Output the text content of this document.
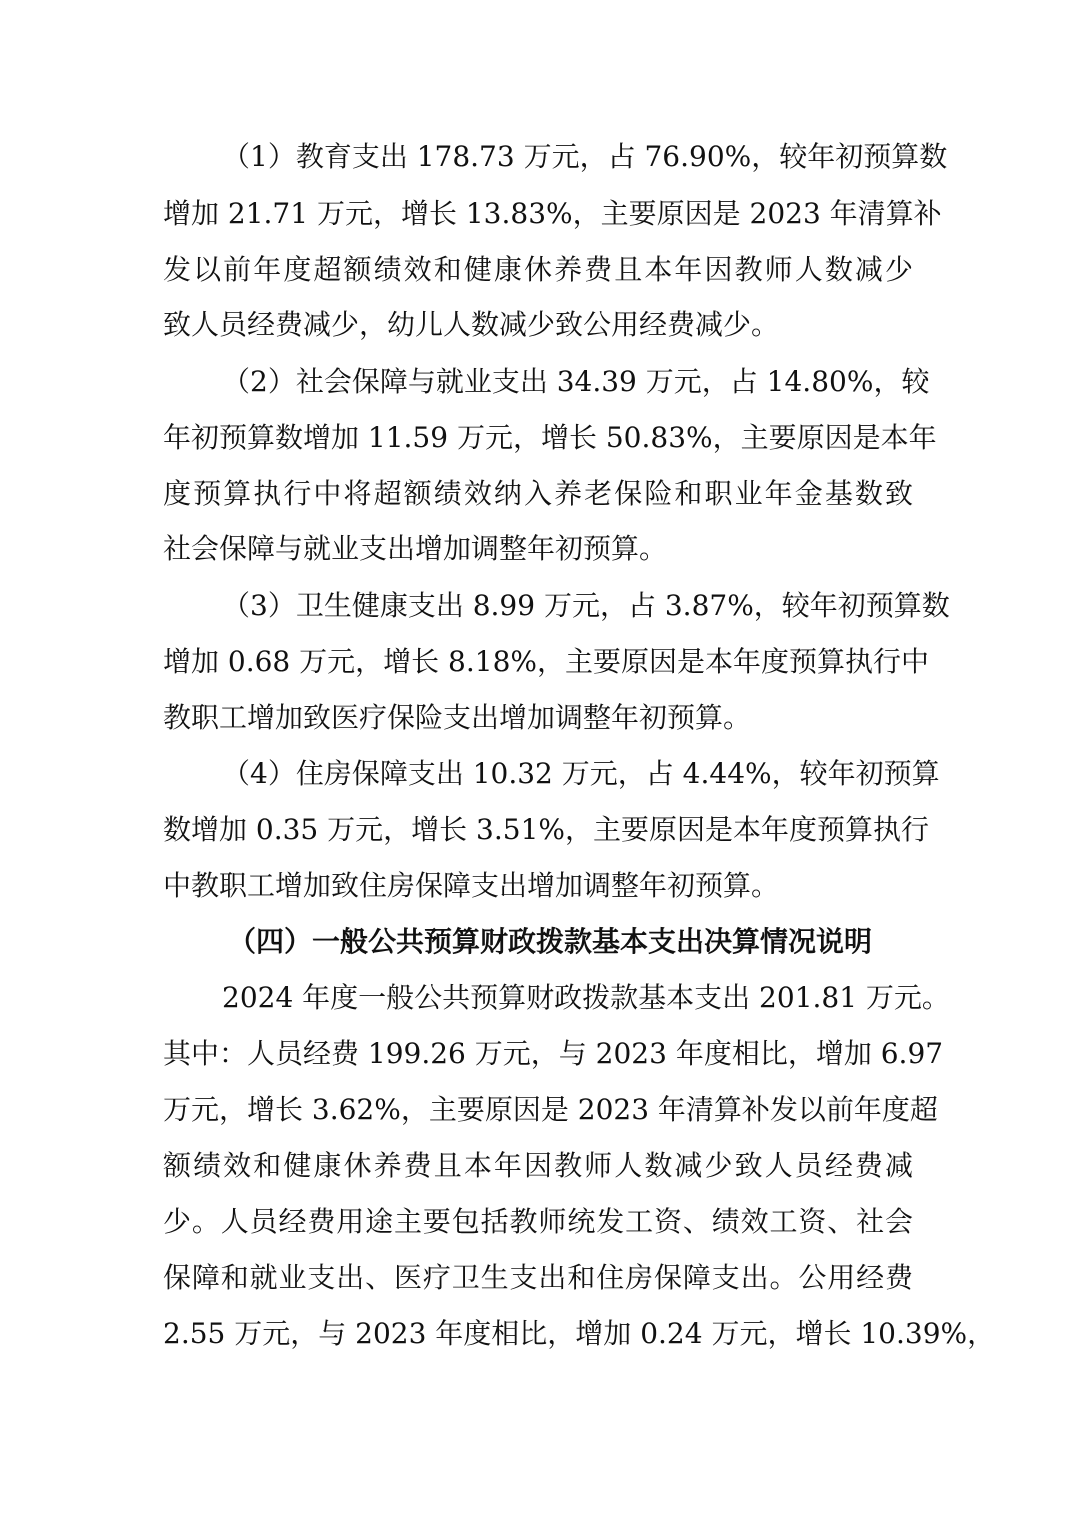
（1）教育支出 178.73 万元，占 76.90%，较年初预算数
增加 21.71 万元，增长 13.83%，主要原因是 2023 年清算补
发以前年度超额绩效和健康休养费且本年因教师人数减少
致人员经费减少，幼儿人数减少致公用经费减少。
（2）社会保障与就业支出 34.39 万元，占 14.80%，较
年初预算数增加 11.59 万元，增长 50.83%，主要原因是本年
度预算执行中将超额绩效纳入养老保险和职业年金基数致
社会保障与就业支出增加调整年初预算。
（3）卫生健康支出 8.99 万元，占 3.87%，较年初预算数
增加 0.68 万元，增长 8.18%，主要原因是本年度预算执行中
教职工增加致医疗保险支出增加调整年初预算。
（4）住房保障支出 10.32 万元，占 4.44%，较年初预算
数增加 0.35 万元，增长 3.51%，主要原因是本年度预算执行
中教职工增加致住房保障支出增加调整年初预算。
（四）一般公共预算财政拨款基本支出决算情况说明
2024 年度一般公共预算财政拨款基本支出 201.81 万元。
其中：人员经费 199.26 万元，与 2023 年度相比，增加 6.97
万元，增长 3.62%，主要原因是 2023 年清算补发以前年度超
额绩效和健康休养费且本年因教师人数减少致人员经费减
少。人员经费用途主要包括教师统发工资、绩效工资、社会
保障和就业支出、医疗卫生支出和住房保障支出。公用经费
2.55 万元，与 2023 年度相比，增加 0.24 万元，增长 10.39%，
